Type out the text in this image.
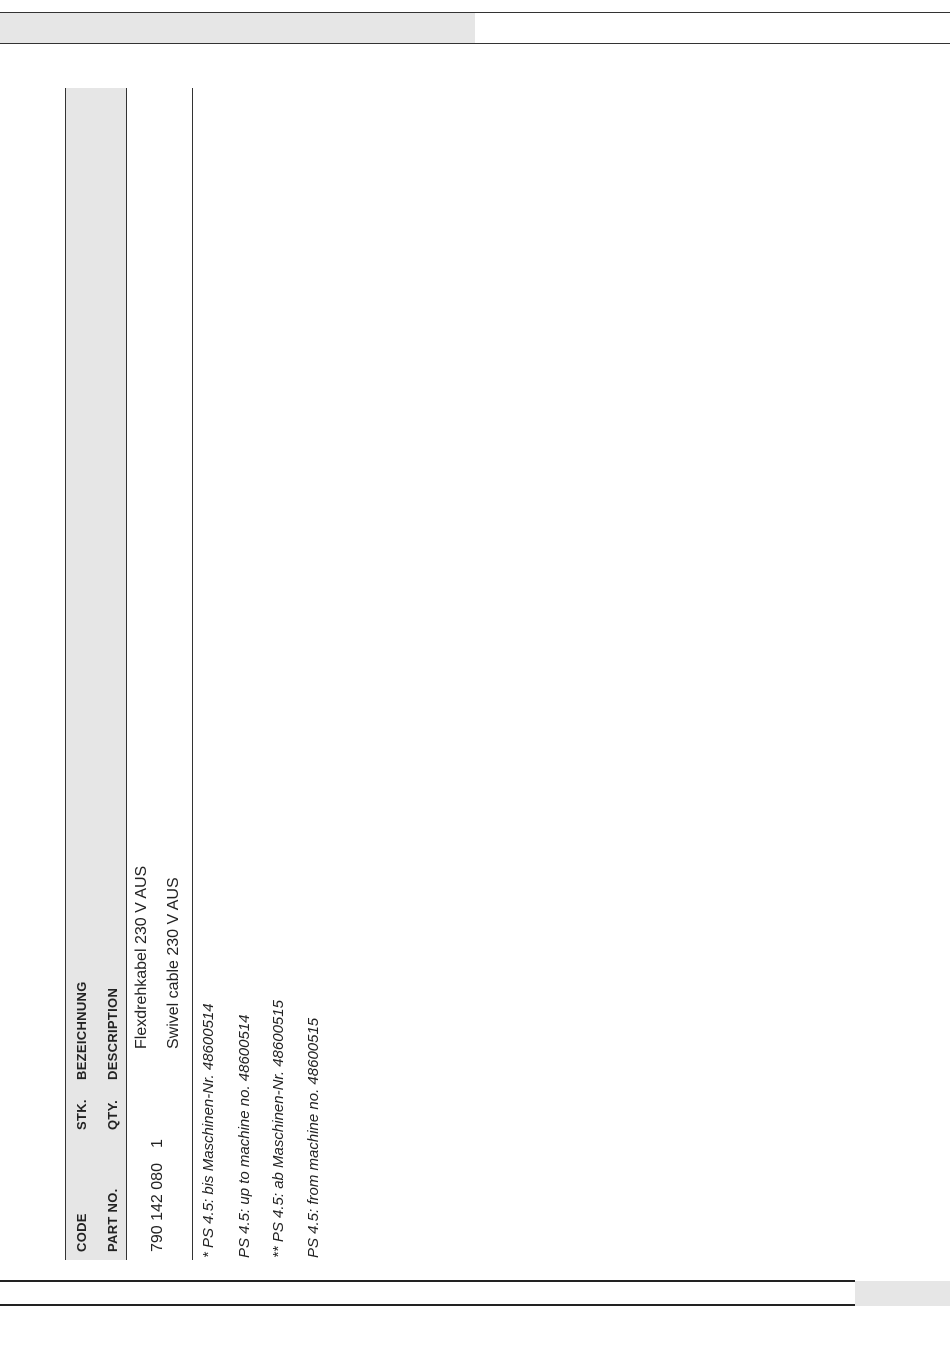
CODE
STK.
BEZEICHNUNG
PART NO.
QTY.
DESCRIPTION
790 142 080
1
Flexdrehkabel 230 V AUS Swivel cable 230 V AUS
* PS 4.5: bis Maschinen-Nr. 48600514 PS 4.5: up to machine no. 48600514 ** PS 4.5: ab Maschinen-Nr. 48600515 PS 4.5: from machine no. 48600515
